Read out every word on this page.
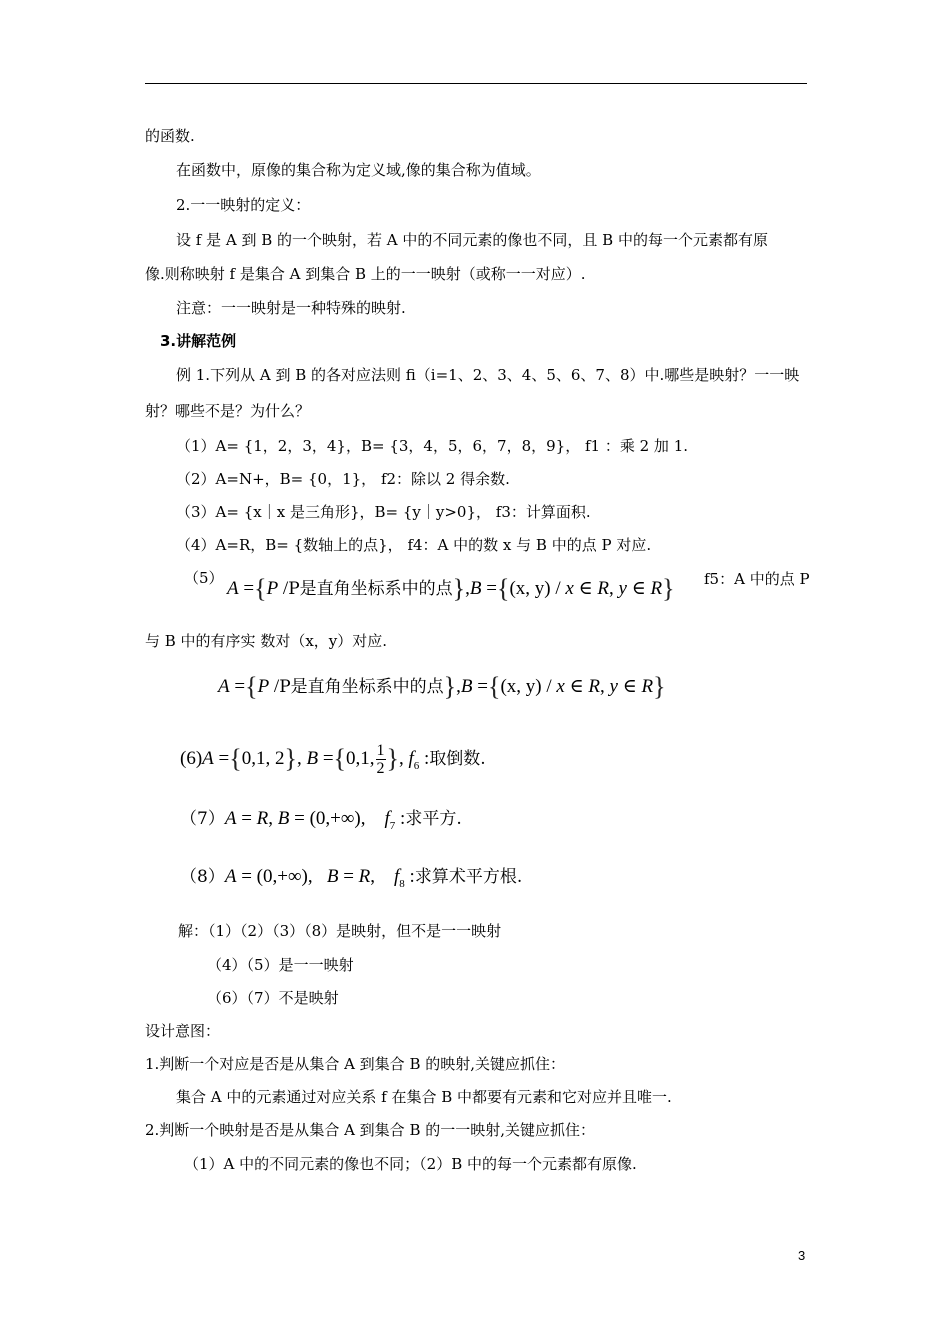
的函数.
在函数中，原像的集合称为定义域,像的集合称为值域。
2.一一映射的定义：
设 f 是 A 到 B 的一个映射，若 A 中的不同元素的像也不同，且 B 中的每一个元素都有原
像.则称映射 f 是集合 A 到集合 B 上的一一映射（或称一一对应）.
注意：一一映射是一种特殊的映射.
3.讲解范例
例 1.下列从 A 到 B 的各对应法则 fi（i=1、2、3、4、5、6、7、8）中.哪些是映射？一一映
射？哪些不是？为什么？
（1）A= {1，2，3，4}，B= {3，4，5，6，7，8，9}， f1 ：乘 2 加 1.
（2）A=N+，B= {0，1}， f2：除以 2 得余数.
（3）A= {x｜x 是三角形}，B= {y｜y>0}， f3：计算面积.
（4）A=R，B= {数轴上的点}， f4：A 中的数 x 与 B 中的点 P 对应.
（5） A ={P /P是直角坐标系中的点},B ={(x, y) / x ∈ R, y ∈ R} f5：A 中的点 P
与 B 中的有序实 数对（x，y）对应.
A ={P /P是直角坐标系中的点},B ={(x, y) / x ∈ R, y ∈ R}
(6)A ={0,1, 2}, B ={0,1, $\frac{1}{2}$ }, $f_6$ :取倒数.
（7）A = R, B = (0,+∞),    $f_7$ :求平方.
（8）A = (0,+∞),   B = R,    $f_8$ :求算术平方根.
解：（1）（2）（3）（8）是映射，但不是一一映射
（4）（5）是一一映射
（6）（7）不是映射
设计意图：
1.判断一个对应是否是从集合 A 到集合 B 的映射,关键应抓住：
集合 A 中的元素通过对应关系 f 在集合 B 中都要有元素和它对应并且唯一.
2.判断一个映射是否是从集合 A 到集合 B 的一一映射,关键应抓住：
（1）A 中的不同元素的像也不同；（2）B 中的每一个元素都有原像.
3
